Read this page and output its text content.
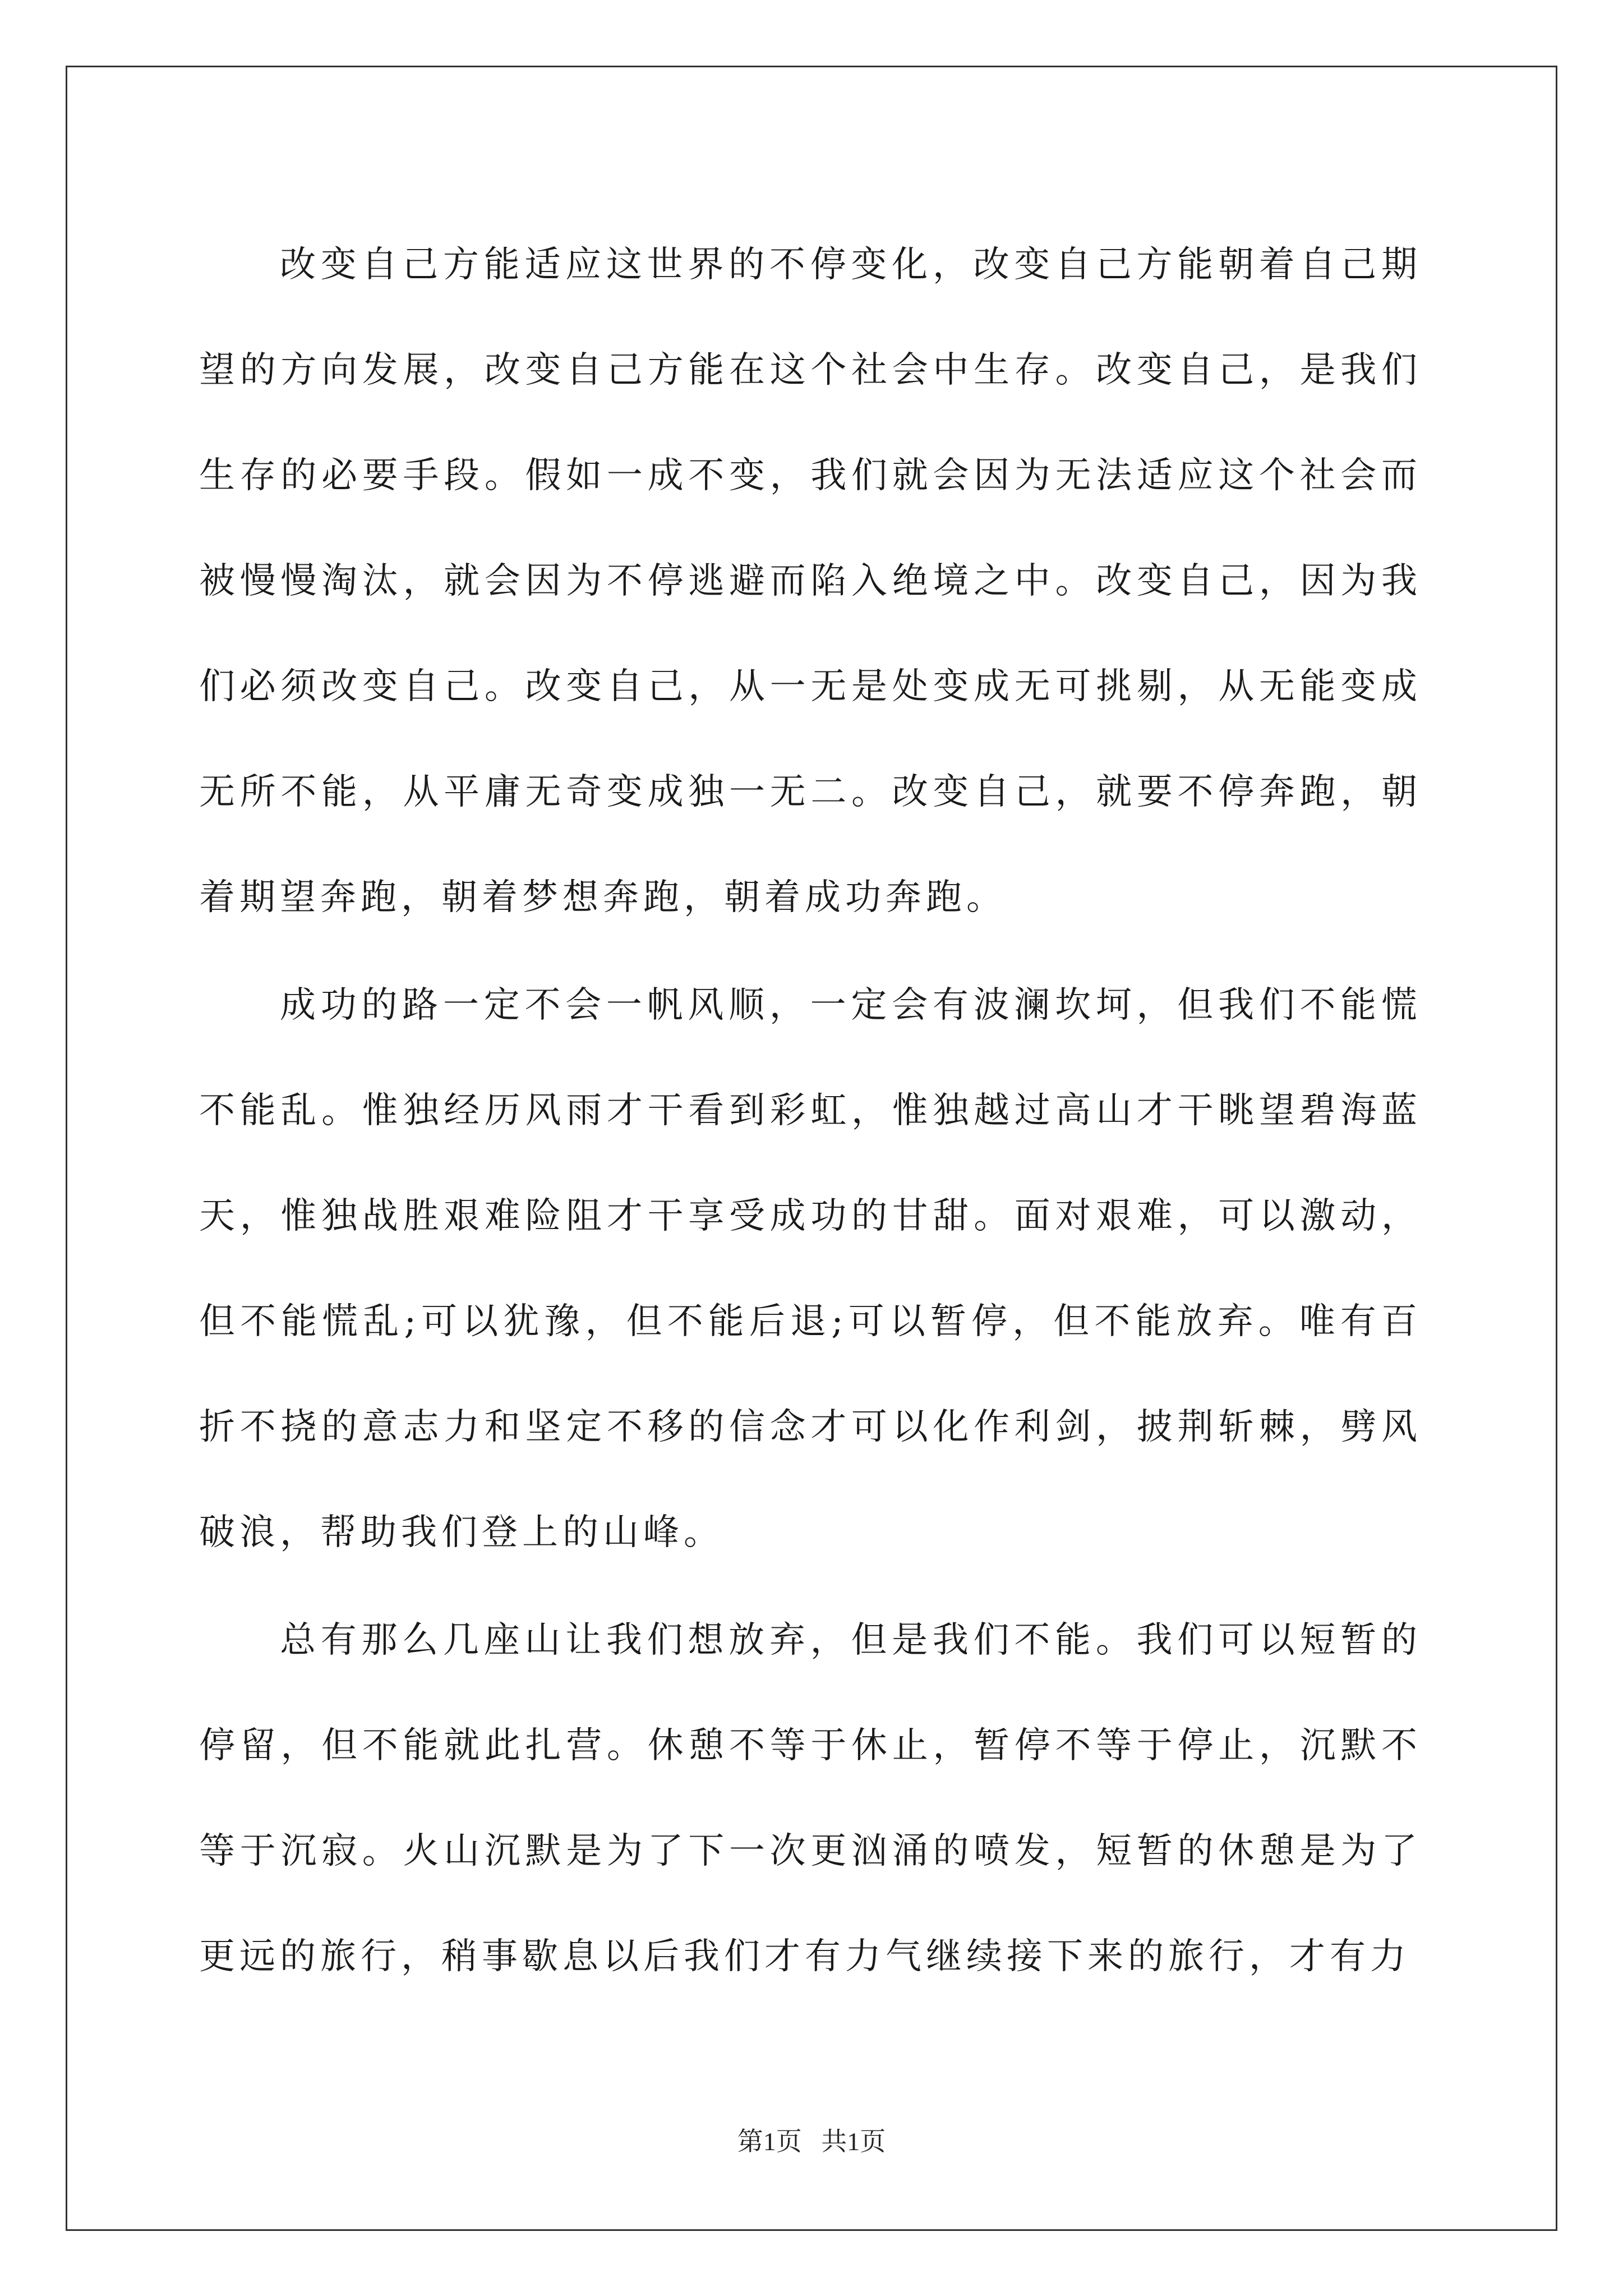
改变自己方能适应这世界的不停变化，改变自己方能朝着自己期望的方向发展，改变自己方能在这个社会中生存。改变自己，是我们生存的必要手段。假如一成不变，我们就会因为无法适应这个社会而被慢慢淘汰，就会因为不停逃避而陷入绝境之中。改变自己，因为我们必须改变自己。改变自己，从一无是处变成无可挑剔，从无能变成无所不能，从平庸无奇变成独一无二。改变自己，就要不停奔跑，朝着期望奔跑，朝着梦想奔跑，朝着成功奔跑。

成功的路一定不会一帆风顺，一定会有波澜坎坷，但我们不能慌不能乱。惟独经历风雨才干看到彩虹，惟独越过高山才干眺望碧海蓝天，惟独战胜艰难险阻才干享受成功的甘甜。面对艰难，可以激动，但不能慌乱;可以犹豫，但不能后退;可以暂停，但不能放弃。唯有百折不挠的意志力和坚定不移的信念才可以化作利剑，披荆斩棘，劈风破浪，帮助我们登上的山峰。

总有那么几座山让我们想放弃，但是我们不能。我们可以短暂的停留，但不能就此扎营。休憩不等于休止，暂停不等于停止，沉默不等于沉寂。火山沉默是为了下一次更汹涌的喷发，短暂的休憩是为了更远的旅行，稍事歇息以后我们才有力气继续接下来的旅行，才有力

第1页 共1页
